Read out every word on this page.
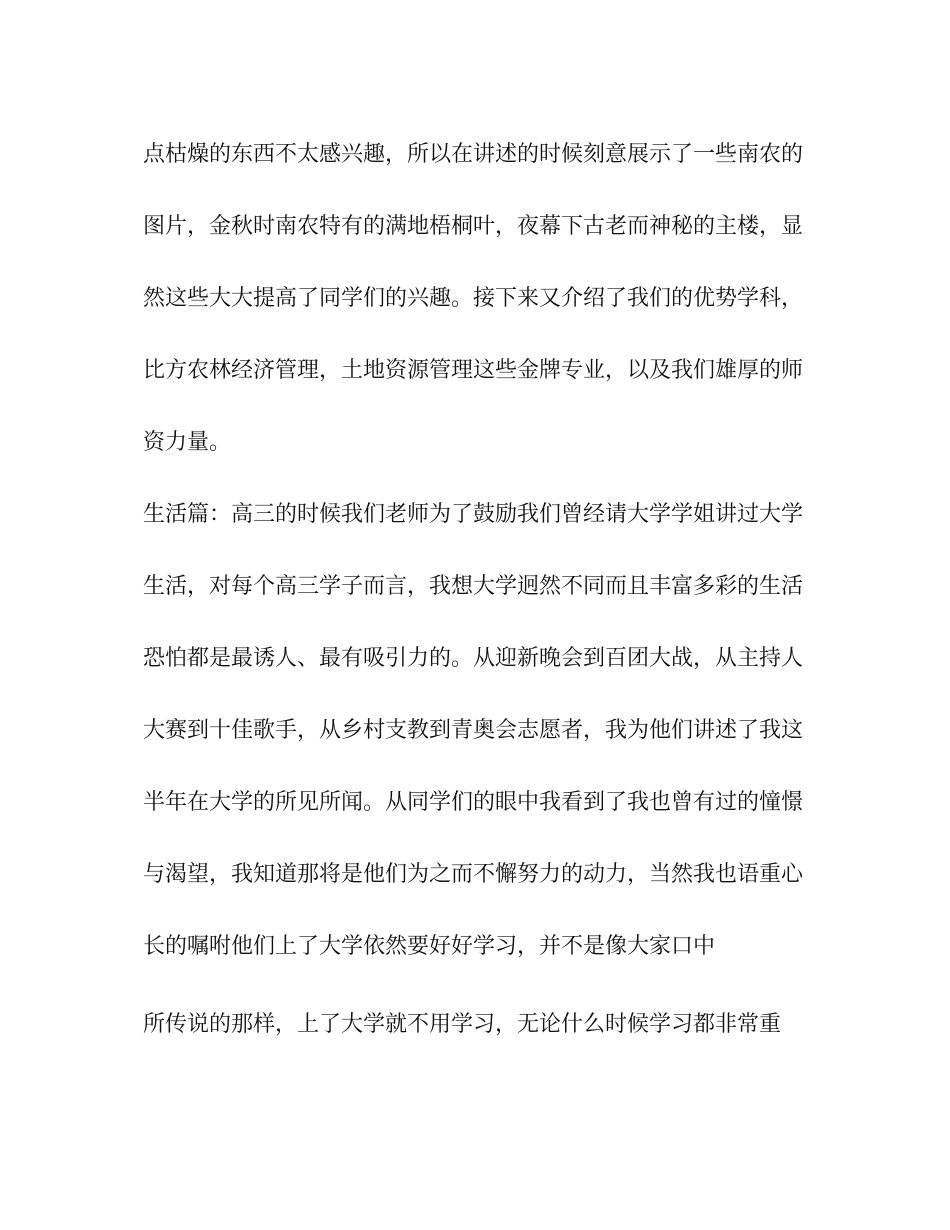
点枯燥的东西不太感兴趣，所以在讲述的时候刻意展示了一些南农的

图片，金秋时南农特有的满地梧桐叶，夜幕下古老而神秘的主楼，显

然这些大大提高了同学们的兴趣。接下来又介绍了我们的优势学科，

比方农林经济管理，土地资源管理这些金牌专业，以及我们雄厚的师

资力量。

生活篇：高三的时候我们老师为了鼓励我们曾经请大学学姐讲过大学

生活，对每个高三学子而言，我想大学迥然不同而且丰富多彩的生活

恐怕都是最诱人、最有吸引力的。从迎新晚会到百团大战，从主持人

大赛到十佳歌手，从乡村支教到青奥会志愿者，我为他们讲述了我这

半年在大学的所见所闻。从同学们的眼中我看到了我也曾有过的憧憬

与渴望，我知道那将是他们为之而不懈努力的动力，当然我也语重心

长的嘱咐他们上了大学依然要好好学习，并不是像大家口中

所传说的那样，上了大学就不用学习，无论什么时候学习都非常重
